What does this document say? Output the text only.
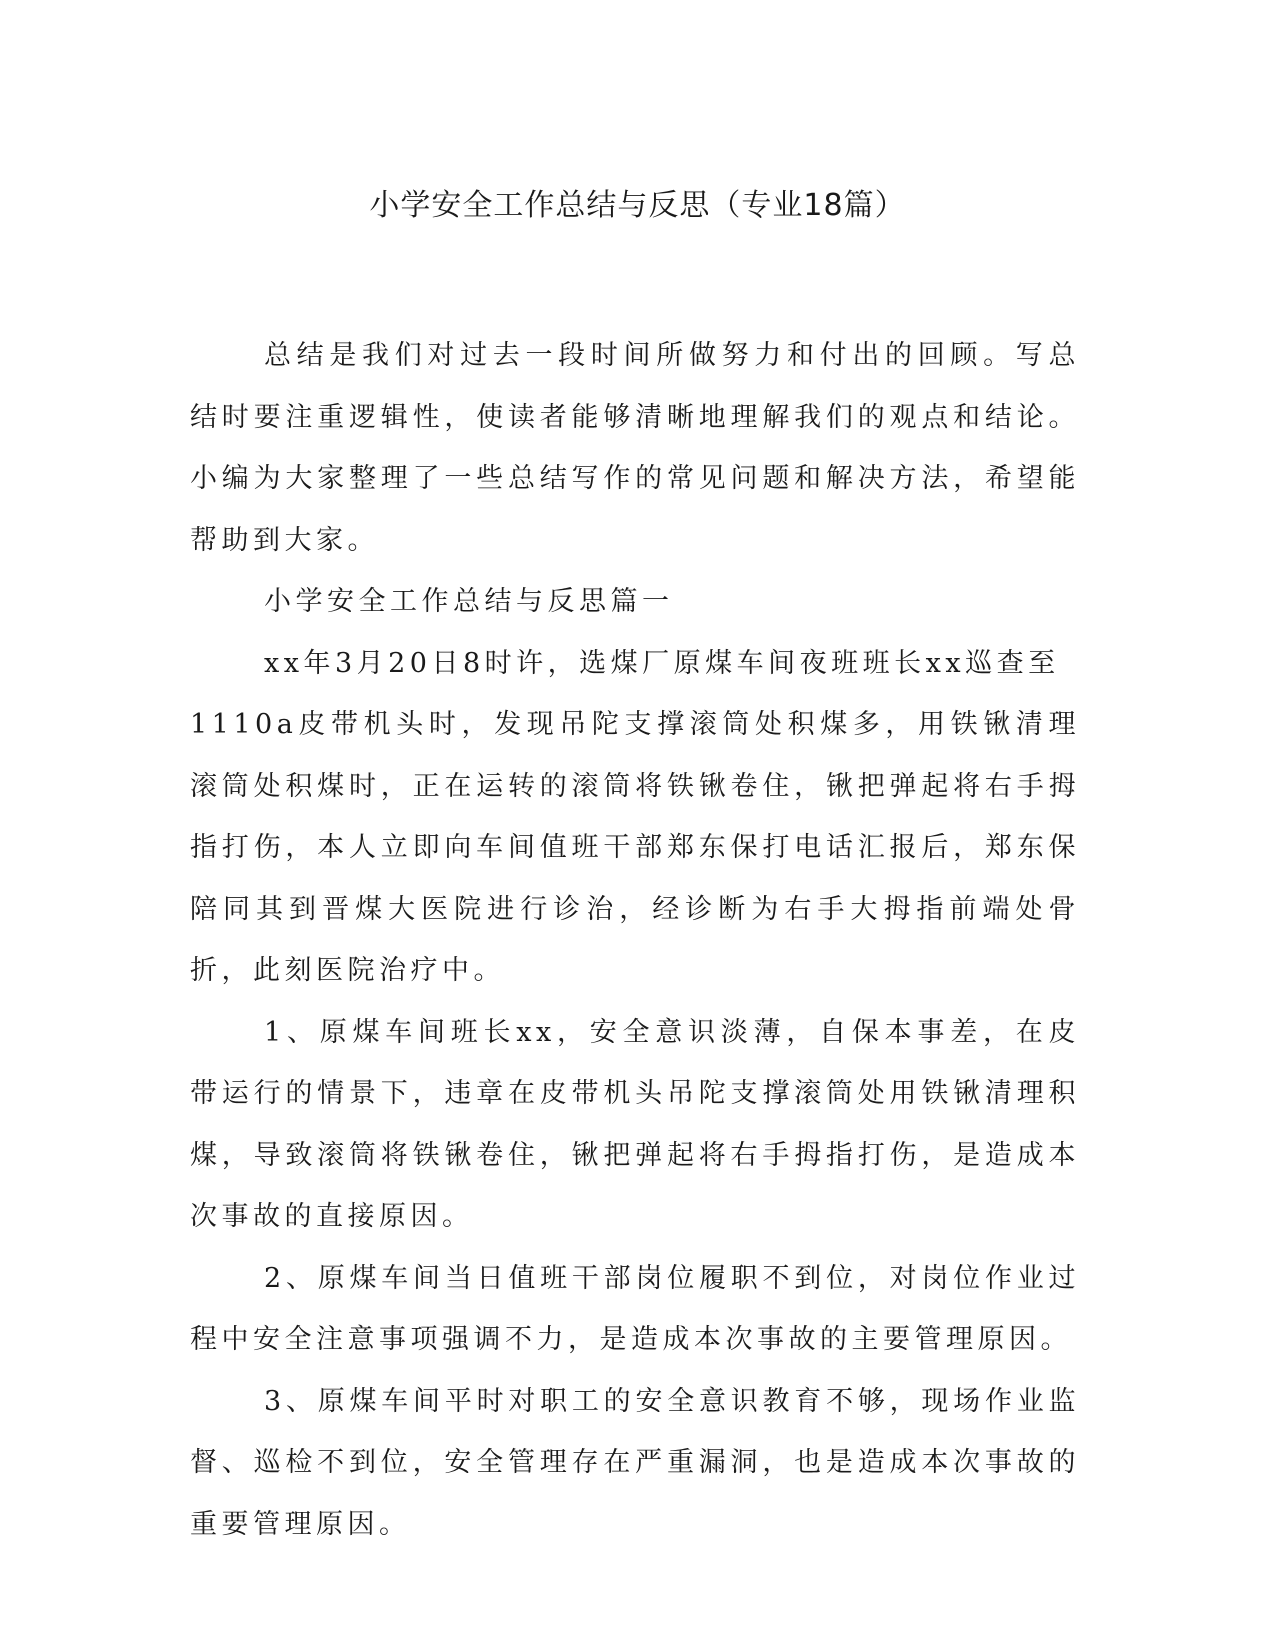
小学安全工作总结与反思（专业18篇）

总结是我们对过去一段时间所做努力和付出的回顾。写总结时要注重逻辑性，使读者能够清晰地理解我们的观点和结论。小编为大家整理了一些总结写作的常见问题和解决方法，希望能帮助到大家。

小学安全工作总结与反思篇一

xx年3月20日8时许，选煤厂原煤车间夜班班长xx巡查至

1110a皮带机头时，发现吊陀支撑滚筒处积煤多，用铁锹清理滚筒处积煤时，正在运转的滚筒将铁锹卷住，锹把弹起将右手拇指打伤，本人立即向车间值班干部郑东保打电话汇报后，郑东保陪同其到晋煤大医院进行诊治，经诊断为右手大拇指前端处骨折，此刻医院治疗中。

1、原煤车间班长xx，安全意识淡薄，自保本事差，在皮带运行的情景下，违章在皮带机头吊陀支撑滚筒处用铁锹清理积煤，导致滚筒将铁锹卷住，锹把弹起将右手拇指打伤，是造成本次事故的直接原因。

2、原煤车间当日值班干部岗位履职不到位，对岗位作业过程中安全注意事项强调不力，是造成本次事故的主要管理原因。

3、原煤车间平时对职工的安全意识教育不够，现场作业监督、巡检不到位，安全管理存在严重漏洞，也是造成本次事故的重要管理原因。
